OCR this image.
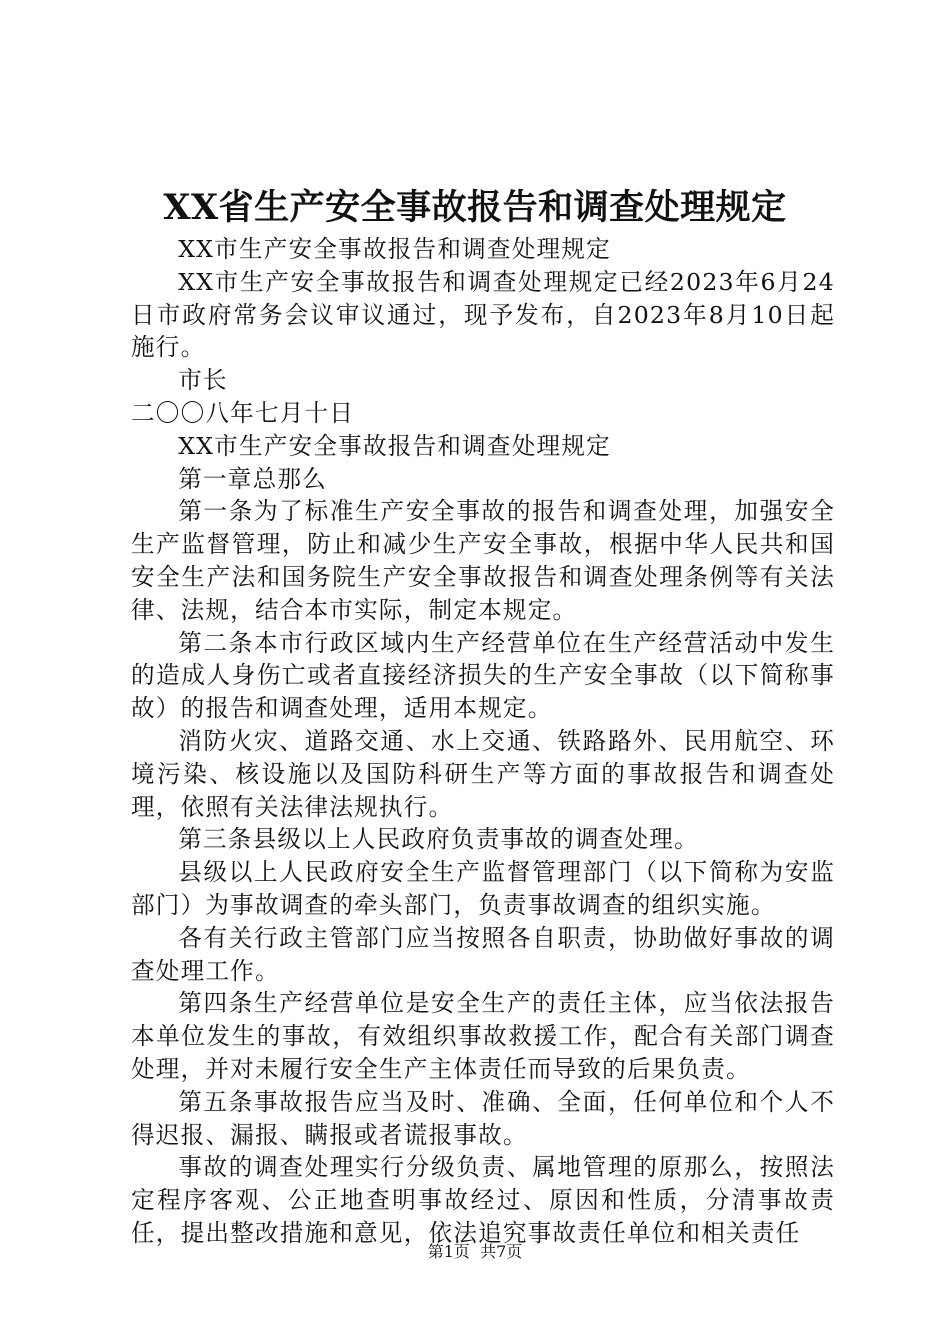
XX省生产安全事故报告和调查处理规定

XX市生产安全事故报告和调查处理规定

XX市生产安全事故报告和调查处理规定已经2023年6月24日市政府常务会议审议通过，现予发布，自2023年8月10日起施行。

市长

二〇〇八年七月十日

XX市生产安全事故报告和调查处理规定

第一章总那么

第一条为了标准生产安全事故的报告和调查处理，加强安全生产监督管理，防止和减少生产安全事故，根据中华人民共和国安全生产法和国务院生产安全事故报告和调查处理条例等有关法律、法规，结合本市实际，制定本规定。

第二条本市行政区域内生产经营单位在生产经营活动中发生的造成人身伤亡或者直接经济损失的生产安全事故（以下简称事故）的报告和调查处理，适用本规定。

消防火灾、道路交通、水上交通、铁路路外、民用航空、环境污染、核设施以及国防科研生产等方面的事故报告和调查处理，依照有关法律法规执行。

第三条县级以上人民政府负责事故的调查处理。

县级以上人民政府安全生产监督管理部门（以下简称为安监部门）为事故调查的牵头部门，负责事故调查的组织实施。

各有关行政主管部门应当按照各自职责，协助做好事故的调查处理工作。

第四条生产经营单位是安全生产的责任主体，应当依法报告本单位发生的事故，有效组织事故救援工作，配合有关部门调查处理，并对未履行安全生产主体责任而导致的后果负责。

第五条事故报告应当及时、准确、全面，任何单位和个人不得迟报、漏报、瞒报或者谎报事故。

事故的调查处理实行分级负责、属地管理的原那么，按照法定程序客观、公正地查明事故经过、原因和性质，分清事故责任，提出整改措施和意见，依法追究事故责任单位和相关责任

第1页 共7页
